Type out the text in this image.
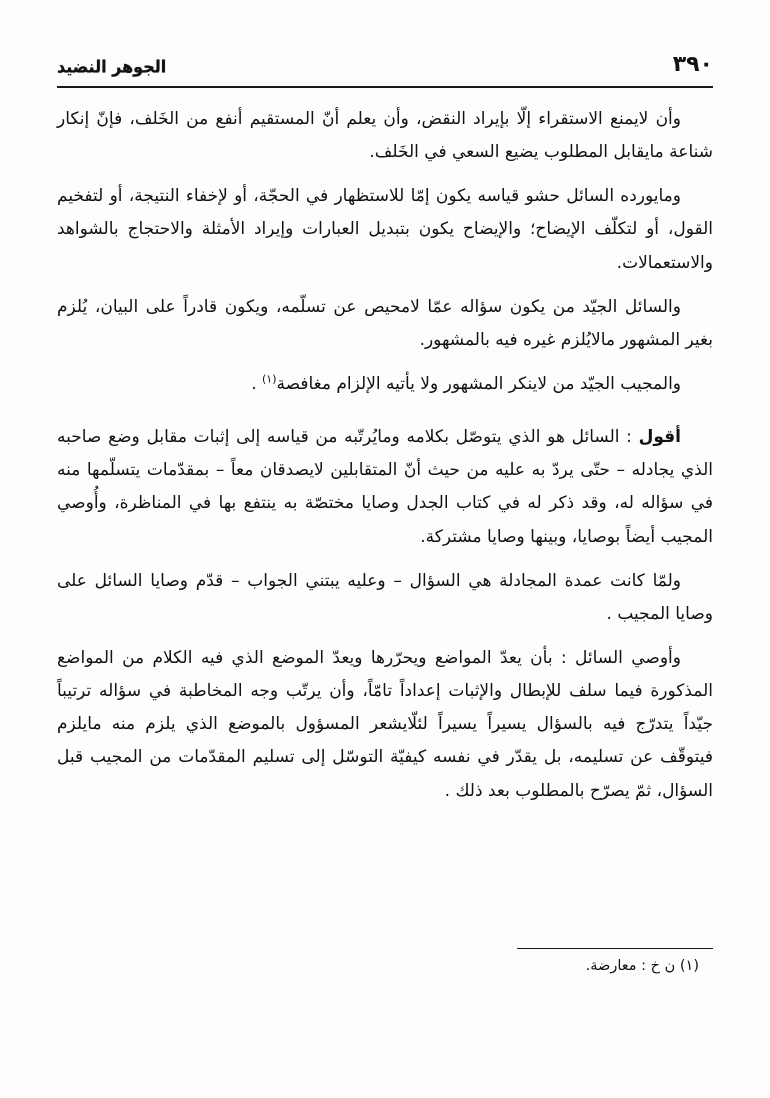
٣٩٠
الجوهر النضيد

وأن لايمنع الاستقراء إلّا بإيراد النقض، وأن يعلم أنّ المستقيم أنفع من الخَلف، فإنّ إنكار شناعة مايقابل المطلوب يضيع السعي في الخَلف.

ومايورده السائل حشو قياسه يكون إمّا للاستظهار في الحجّة، أو لإخفاء النتيجة، أو لتفخيم القول، أو لتكلّف الإيضاح؛ والإيضاح يكون بتبديل العبارات وإيراد الأمثلة والاحتجاج بالشواهد والاستعمالات.

والسائل الجيّد من يكون سؤاله عمّا لامحيص عن تسلّمه، ويكون قادراً على البيان، يُلزم بغير المشهور مالايُلزم غيره فيه بالمشهور.

والمجيب الجيّد من لاينكر المشهور ولا يأتيه الإلزام مغافصة$^{(١)}$ .

أقول : السائل هو الذي يتوصّل بكلامه ومايُرتّبه من قياسه إلى إثبات مقابل وضع صاحبه الذي يجادله – حتّى يردّ به عليه من حيث أنّ المتقابلين لايصدقان معاً – بمقدّمات يتسلّمها منه في سؤاله له، وقد ذكر له في كتاب الجدل وصايا مختصّة به ينتفع بها في المناظرة، وأُوصي المجيب أيضاً بوصايا، وبينها وصايا مشتركة.

ولمّا كانت عمدة المجادلة هي السؤال – وعليه يبتني الجواب – قدّم وصايا السائل على وصايا المجيب .

وأوصي السائل : بأن يعدّ المواضع ويحرّرها ويعدّ الموضع الذي فيه الكلام من المواضع المذكورة فيما سلف للإبطال والإثبات إعداداً تامّاً، وأن يرتّب وجه المخاطبة في سؤاله ترتيباً جيّداً يتدرّج فيه بالسؤال يسيراً يسيراً لئلّايشعر المسؤول بالموضع الذي يلزم منه مايلزم فيتوقّف عن تسليمه، بل يقدّر في نفسه كيفيّة التوسّل إلى تسليم المقدّمات من المجيب قبل السؤال، ثمّ يصرّح بالمطلوب بعد ذلك .

(١) ن خ : معارضة.
